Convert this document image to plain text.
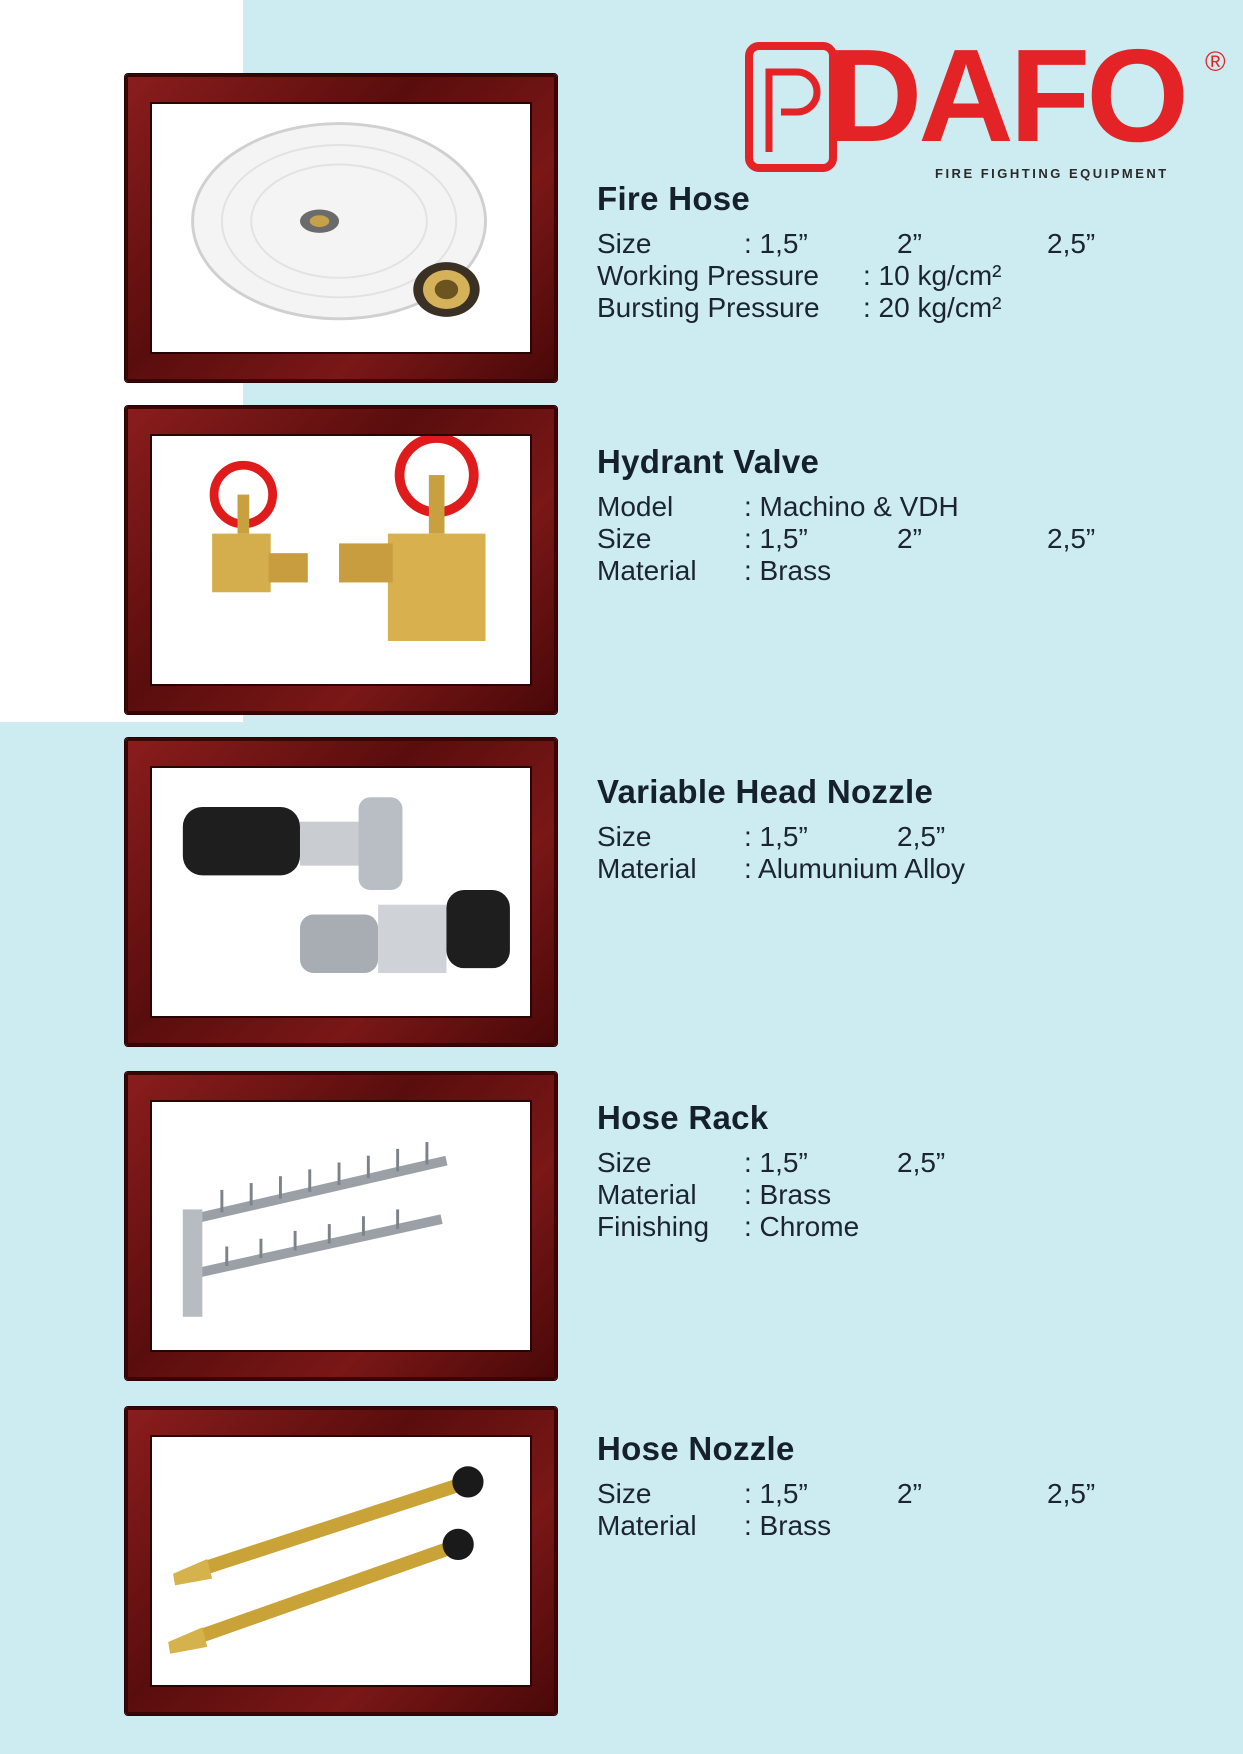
DAFO ®
FIRE FIGHTING EQUIPMENT
Fire Hose
Size	: 1,5”	2”	2,5”
Working Pressure : 10 kg/cm²
Bursting Pressure : 20 kg/cm²
Hydrant Valve
Model	: Machino & VDH
Size	: 1,5”	2”	2,5”
Material : Brass
Variable Head Nozzle
Size	: 1,5”	2,5”
Material : Alumunium Alloy
Hose Rack
Size	: 1,5”	2,5”
Material : Brass
Finishing : Chrome
Hose Nozzle
Size	: 1,5”	2”	2,5”
Material : Brass
